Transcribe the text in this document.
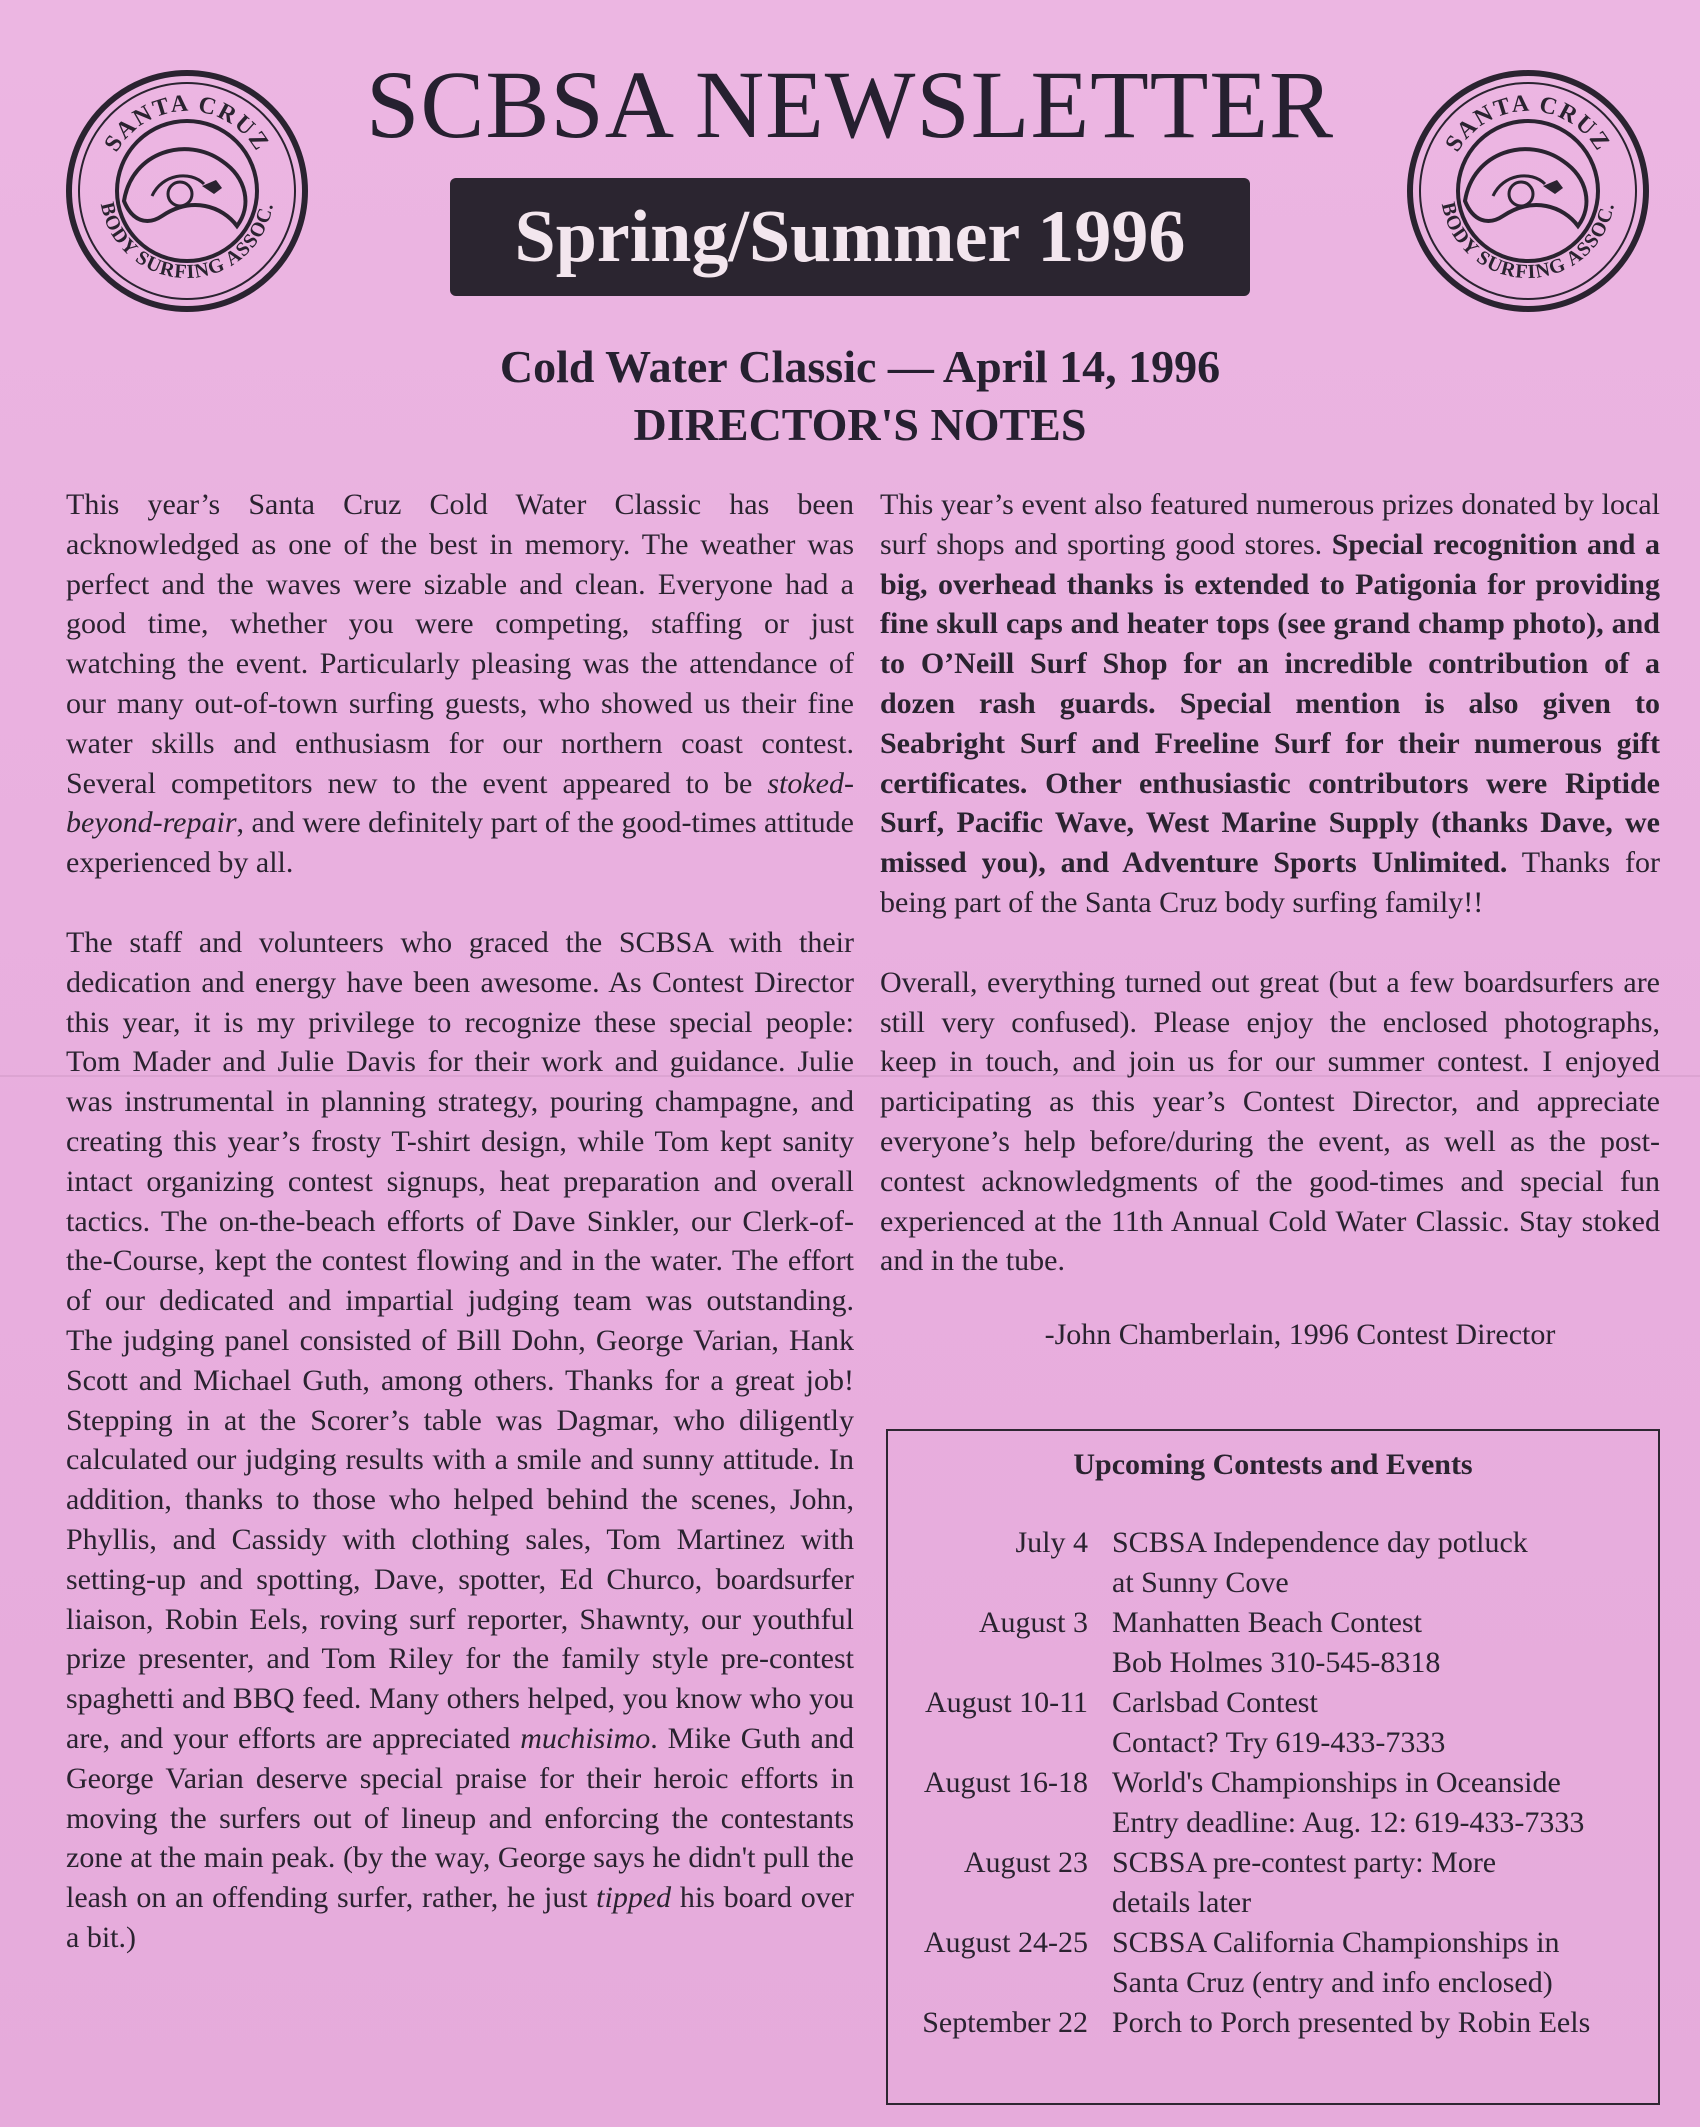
SANTA CRUZ
BODY SURFING ASSOC.
SANTA CRUZ
BODY SURFING ASSOC.
SCBSA NEWSLETTER
Spring/Summer 1996
Cold Water Classic — April 14, 1996
DIRECTOR'S NOTES

This year’s Santa Cruz Cold Water Classic has been acknowledged as one of the best in memory. The weather was perfect and the waves were sizable and clean. Everyone had a good time, whether you were competing, staffing or just watching the event. Particularly pleasing was the attendance of our many out-of-town surfing guests, who showed us their fine water skills and enthusiasm for our northern coast contest. Several competitors new to the event appeared to be stoked-beyond-repair, and were definitely part of the good-times attitude experienced by all.

The staff and volunteers who graced the SCBSA with their dedication and energy have been awesome. As Contest Director this year, it is my privilege to recognize these special people: Tom Mader and Julie Davis for their work and guidance. Julie was instrumental in planning strategy, pouring champagne, and creating this year’s frosty T-shirt design, while Tom kept sanity intact organizing contest signups, heat preparation and overall tactics. The on-the-beach efforts of Dave Sinkler, our Clerk-of-the-Course, kept the contest flowing and in the water. The effort of our dedicated and impartial judging team was outstanding. The judging panel consisted of Bill Dohn, George Varian, Hank Scott and Michael Guth, among others. Thanks for a great job! Stepping in at the Scorer’s table was Dagmar, who diligently calculated our judging results with a smile and sunny attitude. In addition, thanks to those who helped behind the scenes, John, Phyllis, and Cassidy with clothing sales, Tom Martinez with setting-up and spotting, Dave, spotter, Ed Churco, boardsurfer liaison, Robin Eels, roving surf reporter, Shawnty, our youthful prize presenter, and Tom Riley for the family style pre-contest spaghetti and BBQ feed. Many others helped, you know who you are, and your efforts are appreciated muchisimo. Mike Guth and George Varian deserve special praise for their heroic efforts in moving the surfers out of lineup and enforcing the contestants zone at the main peak. (by the way, George says he didn't pull the leash on an offending surfer, rather, he just tipped his board over a bit.)

This year’s event also featured numerous prizes donated by local surf shops and sporting good stores. Special recognition and a big, overhead thanks is extended to Patigonia for providing fine skull caps and heater tops (see grand champ photo), and to O’Neill Surf Shop for an incredible contribution of a dozen rash guards. Special mention is also given to Seabright Surf and Freeline Surf for their numerous gift certificates. Other enthusiastic contributors were Riptide Surf, Pacific Wave, West Marine Supply (thanks Dave, we missed you), and Adventure Sports Unlimited. Thanks for being part of the Santa Cruz body surfing family!!

Overall, everything turned out great (but a few boardsurfers are still very confused). Please enjoy the enclosed photographs, keep in touch, and join us for our summer contest. I enjoyed participating as this year’s Contest Director, and appreciate everyone’s help before/during the event, as well as the post-contest acknowledgments of the good-times and special fun experienced at the 11th Annual Cold Water Classic. Stay stoked and in the tube.

-John Chamberlain, 1996 Contest Director
Upcoming Contests and Events
July 4 SCBSA Independence day potluck
at Sunny Cove
August 3 Manhatten Beach Contest
Bob Holmes 310-545-8318
August 10-11 Carlsbad Contest
Contact? Try 619-433-7333
August 16-18 World's Championships in Oceanside
Entry deadline: Aug. 12: 619-433-7333
August 23 SCBSA pre-contest party: More
details later
August 24-25 SCBSA California Championships in
Santa Cruz (entry and info enclosed)
September 22 Porch to Porch presented by Robin Eels
